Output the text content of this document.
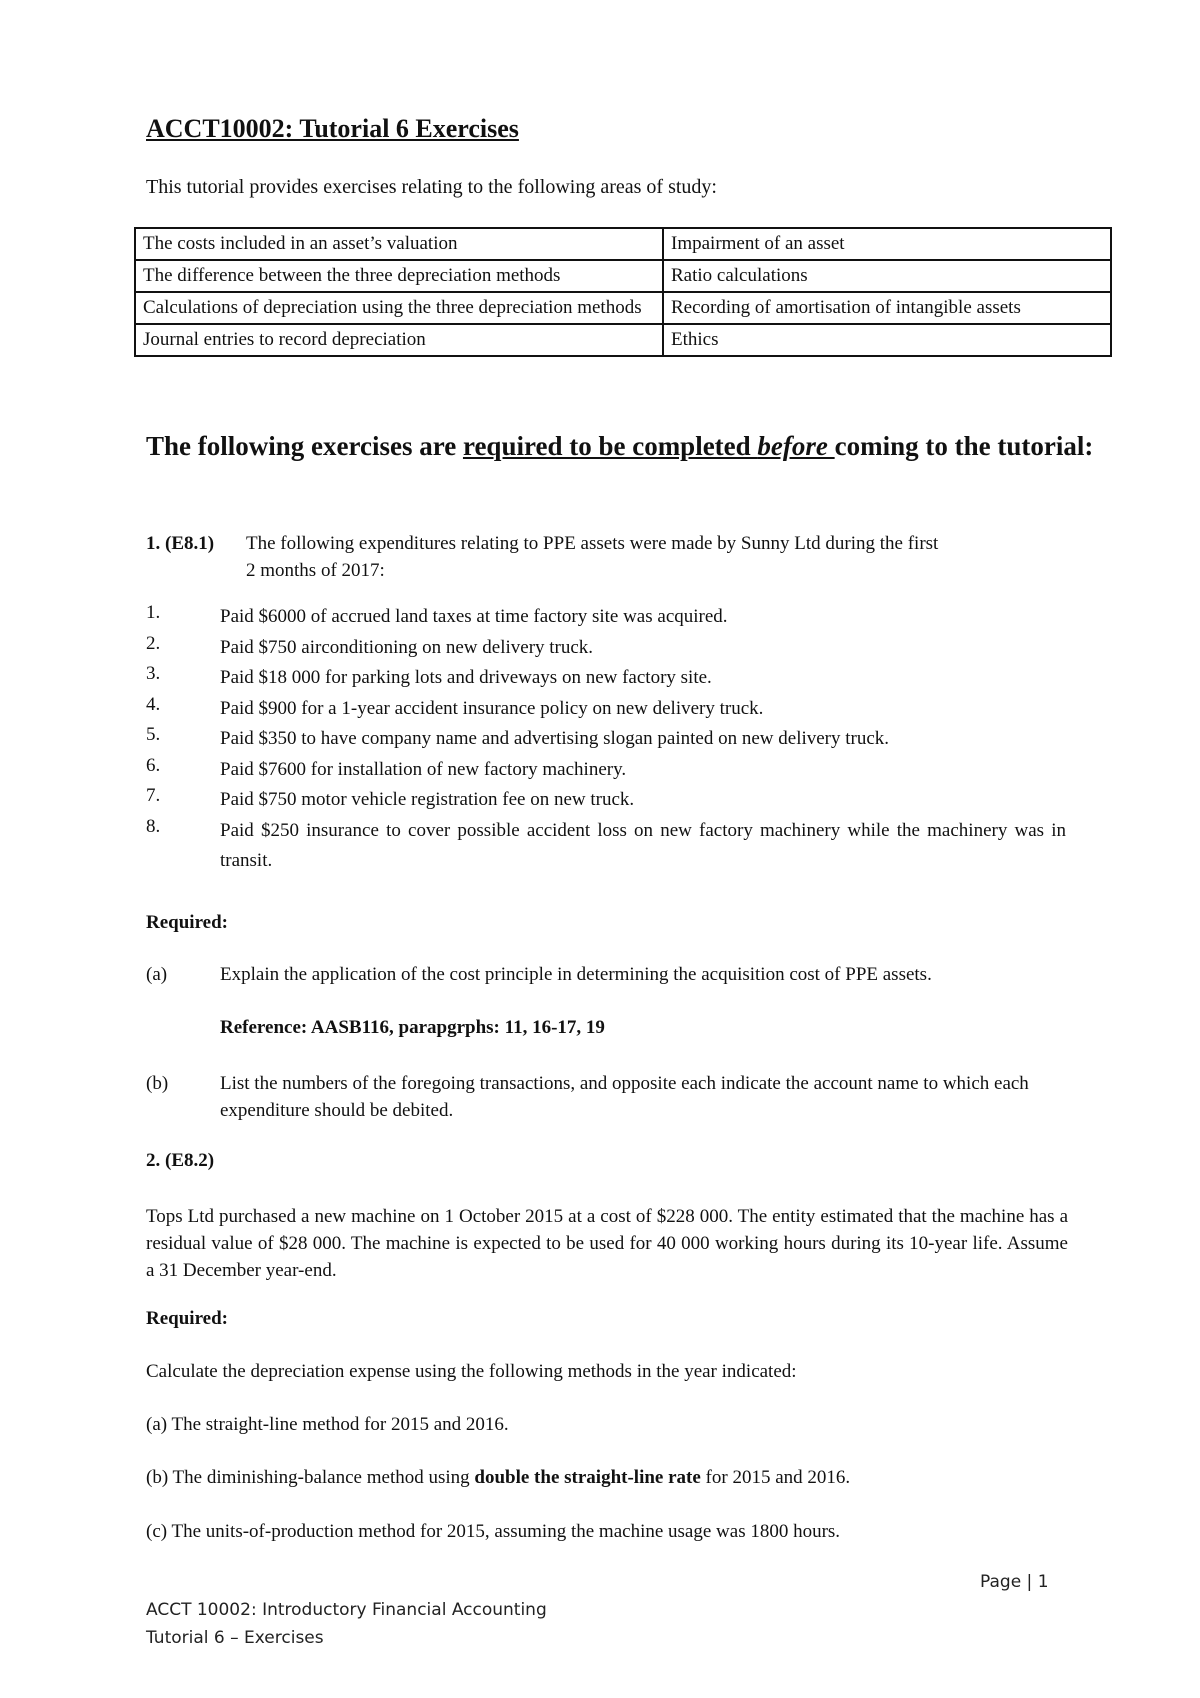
ACCT10002: Tutorial 6 Exercises
This tutorial provides exercises relating to the following areas of study:
The costs included in an asset’s valuation	Impairment of an asset
The difference between the three depreciation methods	Ratio calculations
Calculations of depreciation using the three depreciation methods	Recording of amortisation of intangible assets
Journal entries to record depreciation	Ethics
The following exercises are required to be completed before coming to the tutorial:
1. (E8.1)	The following expenditures relating to PPE assets were made by Sunny Ltd during the first
2 months of 2017:
1.	Paid $6000 of accrued land taxes at time factory site was acquired.
2.	Paid $750 airconditioning on new delivery truck.
3.	Paid $18 000 for parking lots and driveways on new factory site.
4.	Paid $900 for a 1-year accident insurance policy on new delivery truck.
5.	Paid $350 to have company name and advertising slogan painted on new delivery truck.
6.	Paid $7600 for installation of new factory machinery.
7.	Paid $750 motor vehicle registration fee on new truck.
8.	Paid $250 insurance to cover possible accident loss on new factory machinery while the machinery was in transit.
Required:
(a)	Explain the application of the cost principle in determining the acquisition cost of PPE assets.
Reference: AASB116, parapgrphs: 11, 16-17, 19
(b)	List the numbers of the foregoing transactions, and opposite each indicate the account name to which each expenditure should be debited.
2. (E8.2)
Tops Ltd purchased a new machine on 1 October 2015 at a cost of $228 000. The entity estimated that the machine has a residual value of $28 000. The machine is expected to be used for 40 000 working hours during its 10-year life. Assume a 31 December year-end.
Required:
Calculate the depreciation expense using the following methods in the year indicated:
(a) The straight-line method for 2015 and 2016.
(b) The diminishing-balance method using double the straight-line rate for 2015 and 2016.
(c) The units-of-production method for 2015, assuming the machine usage was 1800 hours.
Page | 1
ACCT 10002: Introductory Financial Accounting
Tutorial 6 – Exercises
